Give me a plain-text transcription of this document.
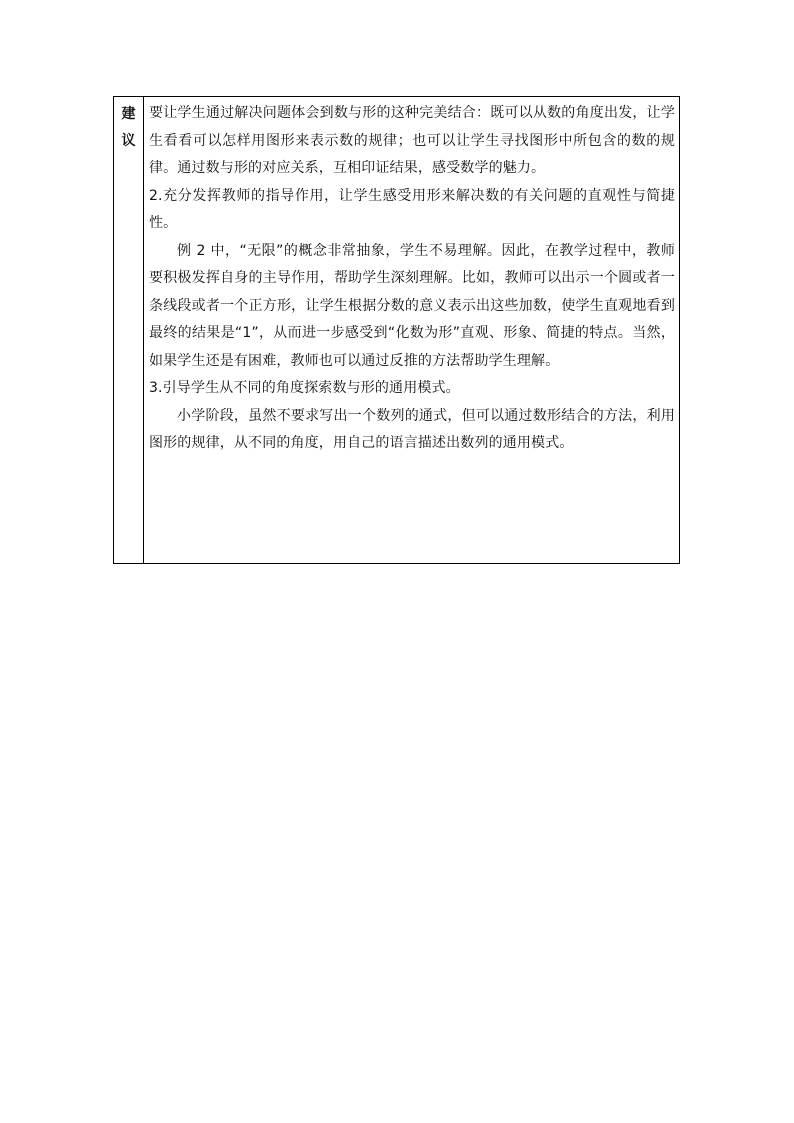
建
议

要让学生通过解决问题体会到数与形的这种完美结合：既可以从数的角度出发，让学生看看可以怎样用图形来表示数的规律；也可以让学生寻找图形中所包含的数的规律。通过数与形的对应关系，互相印证结果，感受数学的魅力。

2.充分发挥教师的指导作用，让学生感受用形来解决数的有关问题的直观性与简捷性。

例 2 中，“无限”的概念非常抽象，学生不易理解。因此，在教学过程中，教师要积极发挥自身的主导作用，帮助学生深刻理解。比如，教师可以出示一个圆或者一条线段或者一个正方形，让学生根据分数的意义表示出这些加数，使学生直观地看到最终的结果是“1”，从而进一步感受到“化数为形”直观、形象、简捷的特点。当然，如果学生还是有困难，教师也可以通过反推的方法帮助学生理解。

3.引导学生从不同的角度探索数与形的通用模式。

小学阶段，虽然不要求写出一个数列的通式，但可以通过数形结合的方法，利用图形的规律，从不同的角度，用自己的语言描述出数列的通用模式。
